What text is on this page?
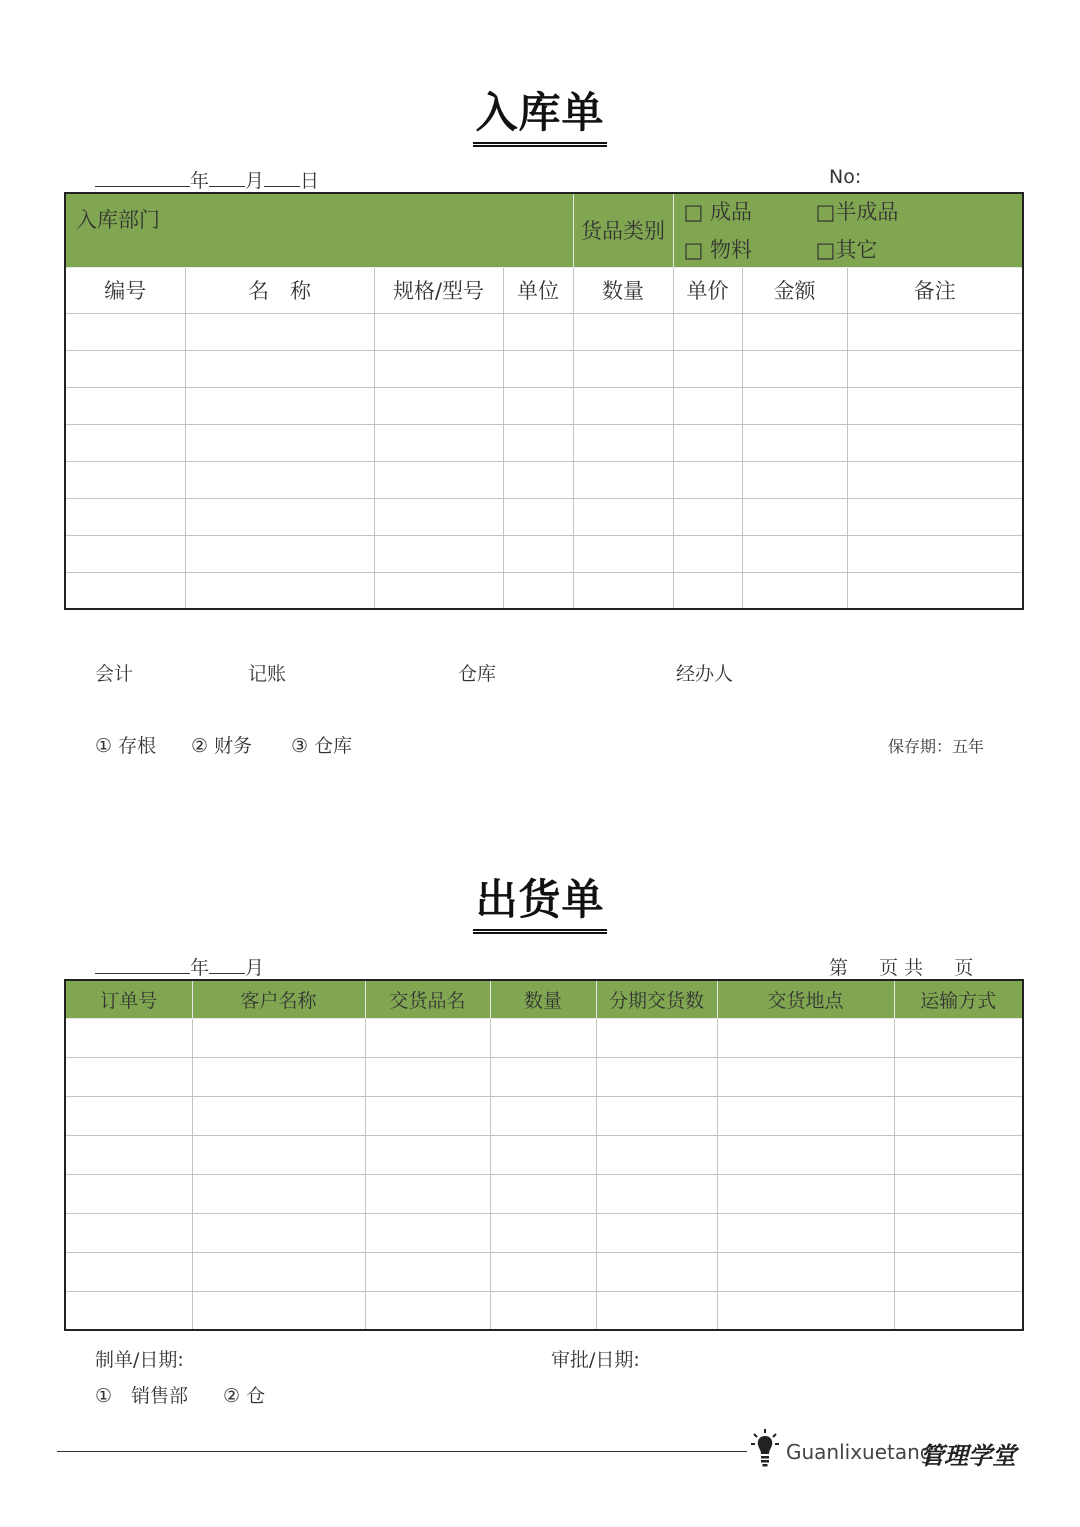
入库单
年 月 日	No:
入库部门				货品类别	□ 成品 □半成品
□ 物料 □其它		

编号	名　称	规格/型号	单位	数量	单价	金额	备注

会计	记账	仓库	经办人
① 存根 ② 财务 ③ 仓库	保存期：五年
出货单
年 月	第　  页 共　  页
订单号	客户名称	交货品名	数量	分期交货数	交货地点	运输方式

制单/日期:	审批/日期:
①　销售部 ② 仓
Guanlixuetang
管理学堂
